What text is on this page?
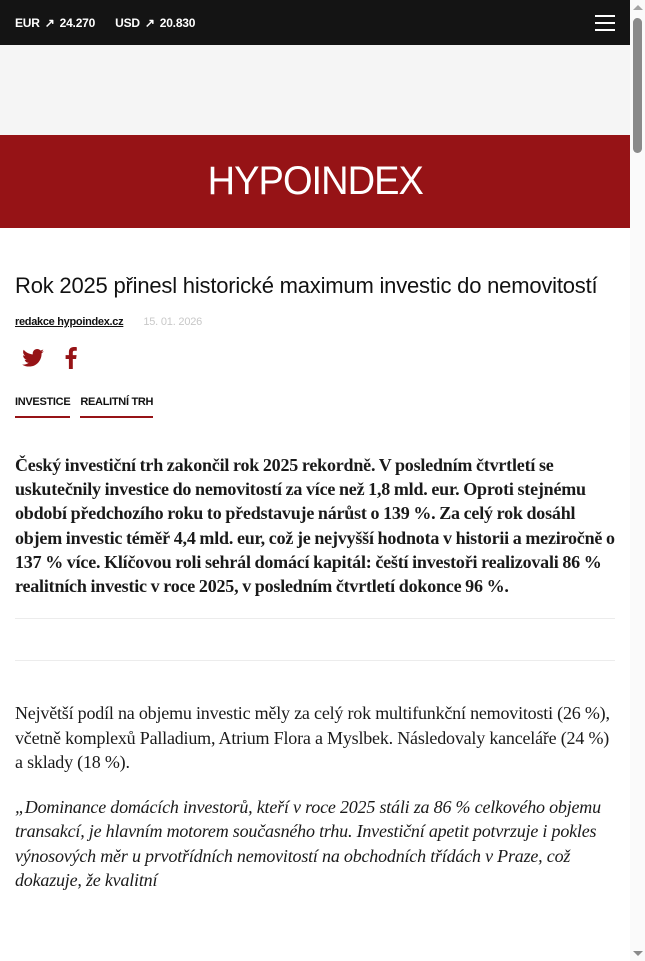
EUR ↗ 24.270 USD ↗ 20.830
HYPOINDEX
Rok 2025 přinesl historické maximum investic do nemovitostí
redakce hypoindex.cz 15. 01. 2026
INVESTICE REALITNÍ TRH

Český investiční trh zakončil rok 2025 rekordně. V posledním čtvrtletí se uskutečnily investice do nemovitostí za více než 1,8 mld. eur. Oproti stejnému období předchozího roku to představuje nárůst o 139 %. Za celý rok dosáhl objem investic téměř 4,4 mld. eur, což je nejvyšší hodnota v historii a meziročně o 137 % více. Klíčovou roli sehrál domácí kapitál: čeští investoři realizovali 86 % realitních investic v roce 2025, v posledním čtvrtletí dokonce 96 %.

Největší podíl na objemu investic měly za celý rok multifunkční nemovitosti (26 %), včetně komplexů Palladium, Atrium Flora a Myslbek. Následovaly kanceláře (24 %) a sklady (18 %).

„Dominance domácích investorů, kteří v roce 2025 stáli za 86 % celkového objemu transakcí, je hlavním motorem současného trhu. Investiční apetit potvrzuje i pokles výnosových měr u prvotřídních nemovitostí na obchodních třídách v Praze, což dokazuje, že kvalitní
